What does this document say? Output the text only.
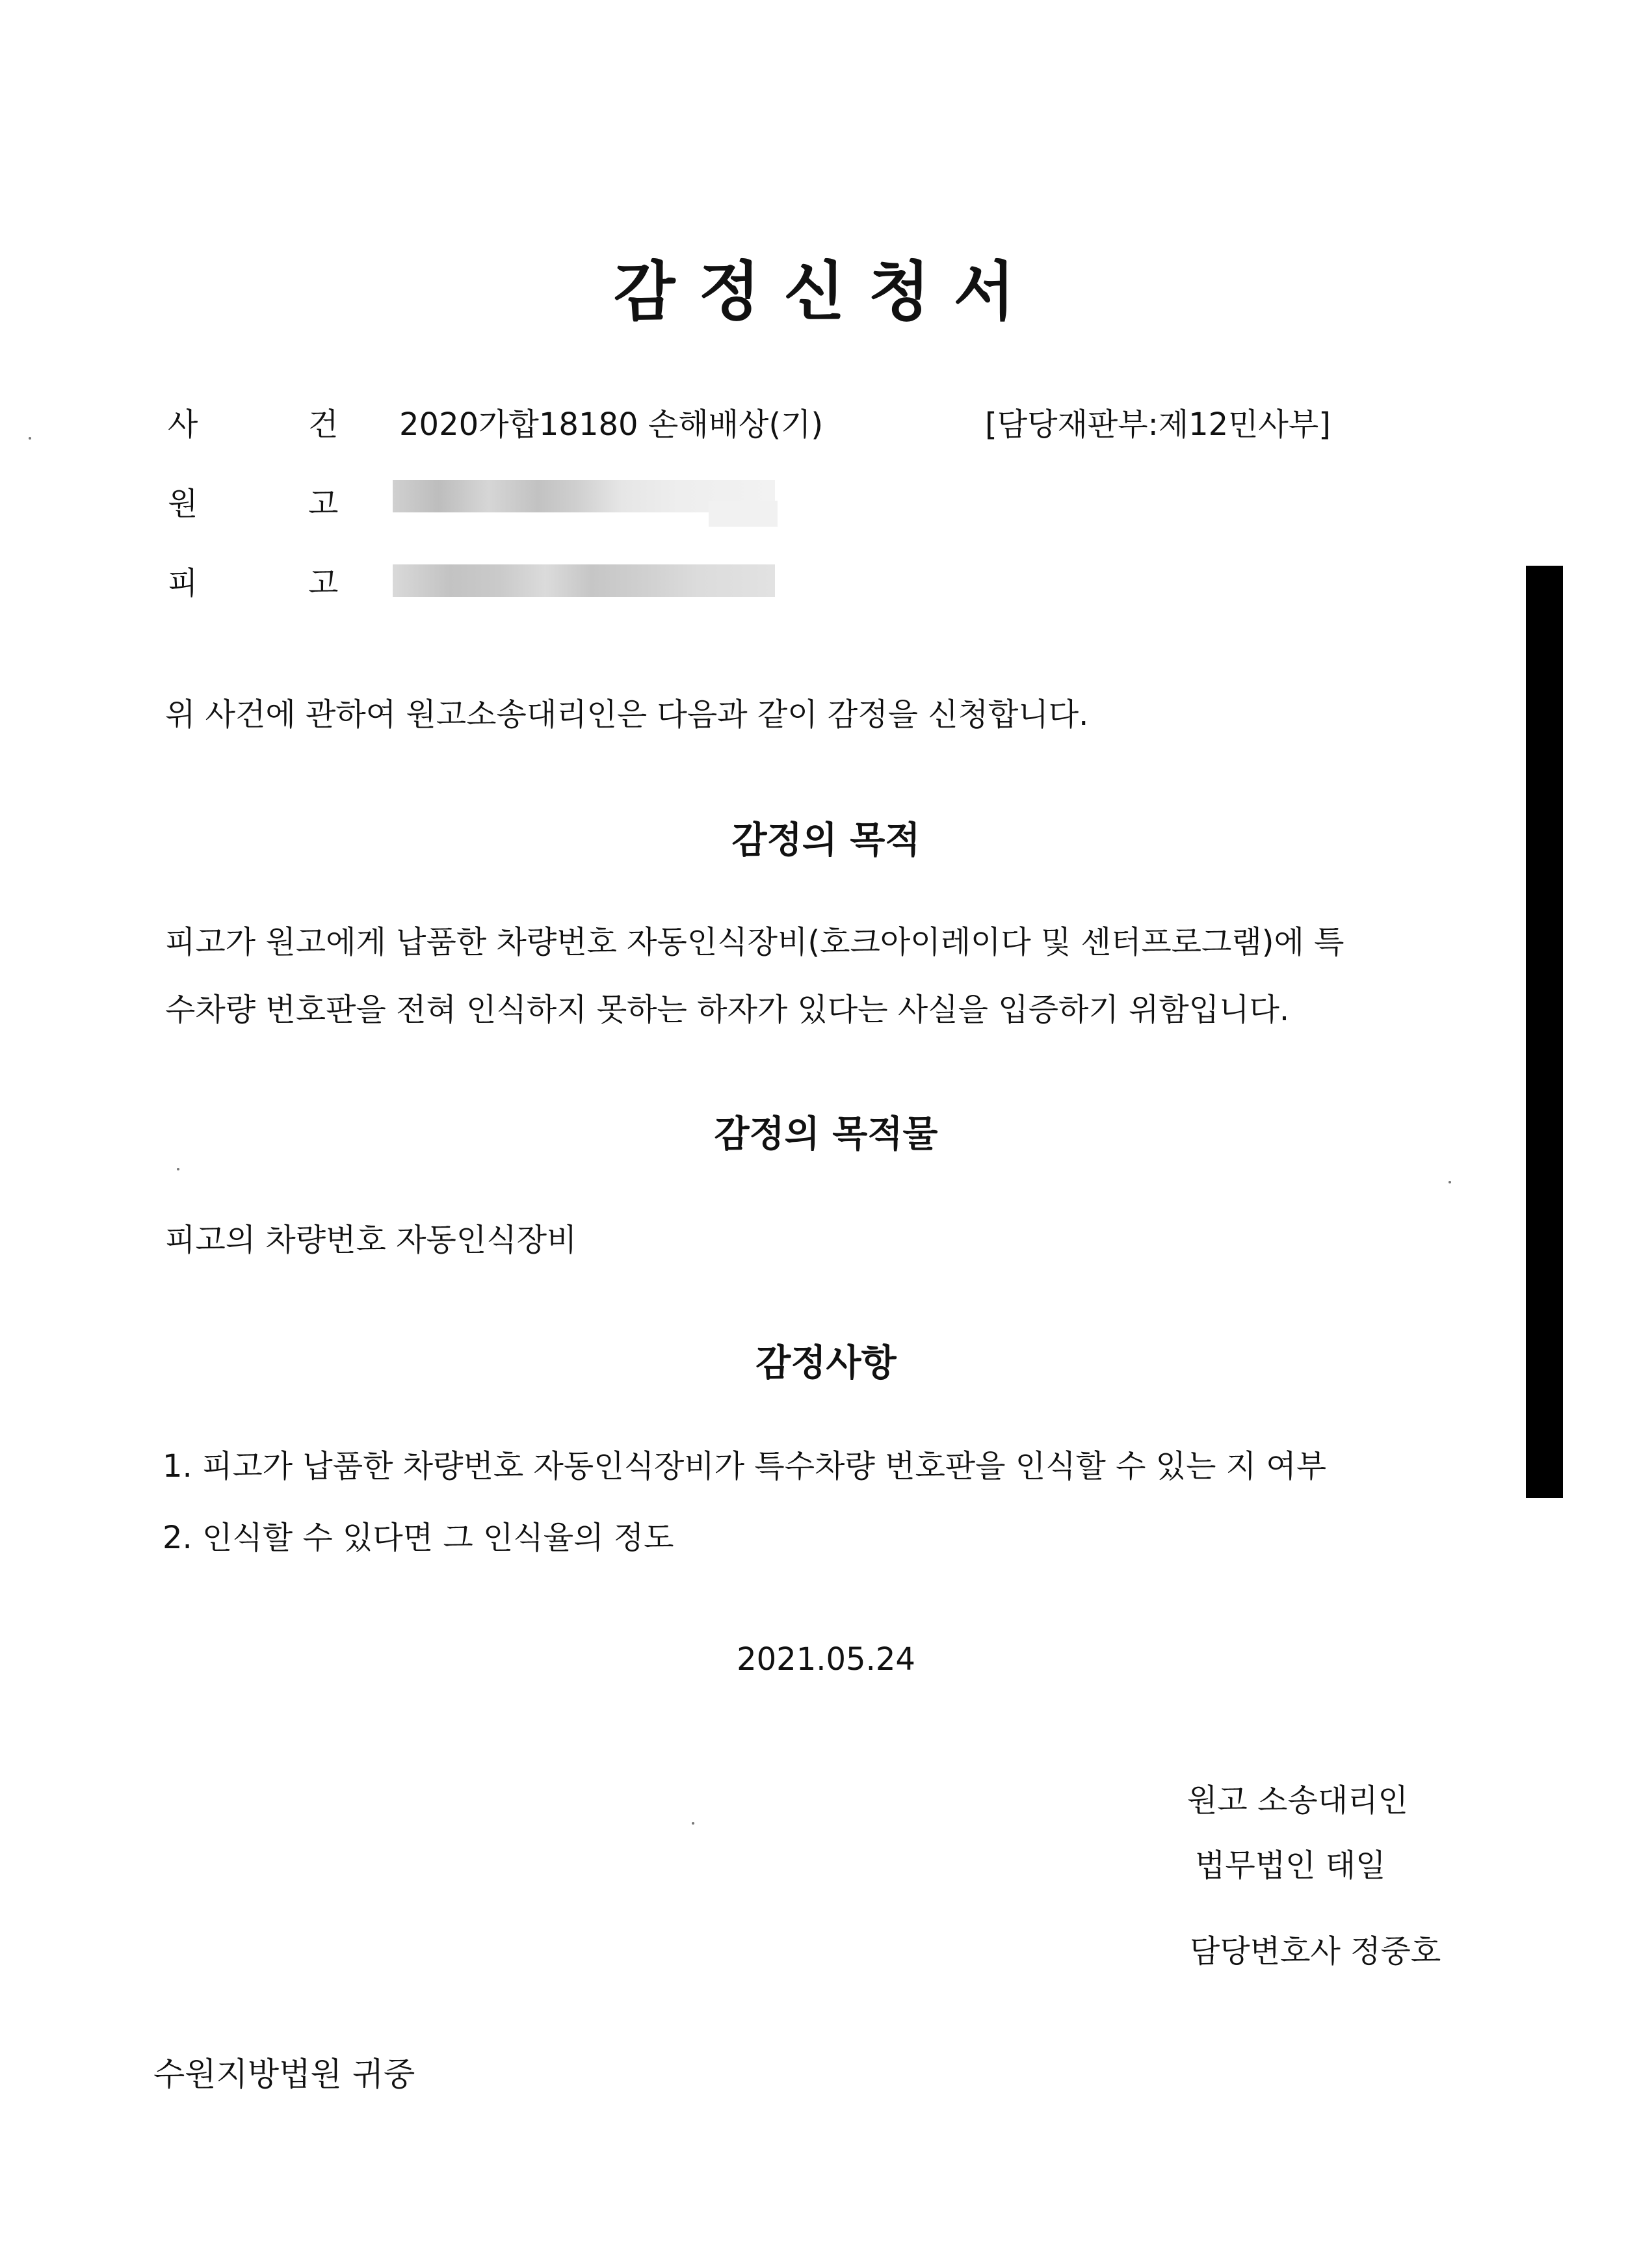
감정신청서
사	건 2020가합18180 손해배상(기)	[담당재판부:제12민사부]
원	고
피	고
위 사건에 관하여 원고소송대리인은 다음과 같이 감정을 신청합니다.
감정의 목적
피고가 원고에게 납품한 차량번호 자동인식장비(호크아이레이다 및 센터프로그램)에 특
수차량 번호판을 전혀 인식하지 못하는 하자가 있다는 사실을 입증하기 위함입니다.
감정의 목적물
피고의 차량번호 자동인식장비
감정사항
1. 피고가 납품한 차량번호 자동인식장비가 특수차량 번호판을 인식할 수 있는 지 여부
2. 인식할 수 있다면 그 인식율의 정도
2021.05.24
원고 소송대리인
법무법인 태일
담당변호사 정중호
수원지방법원 귀중
